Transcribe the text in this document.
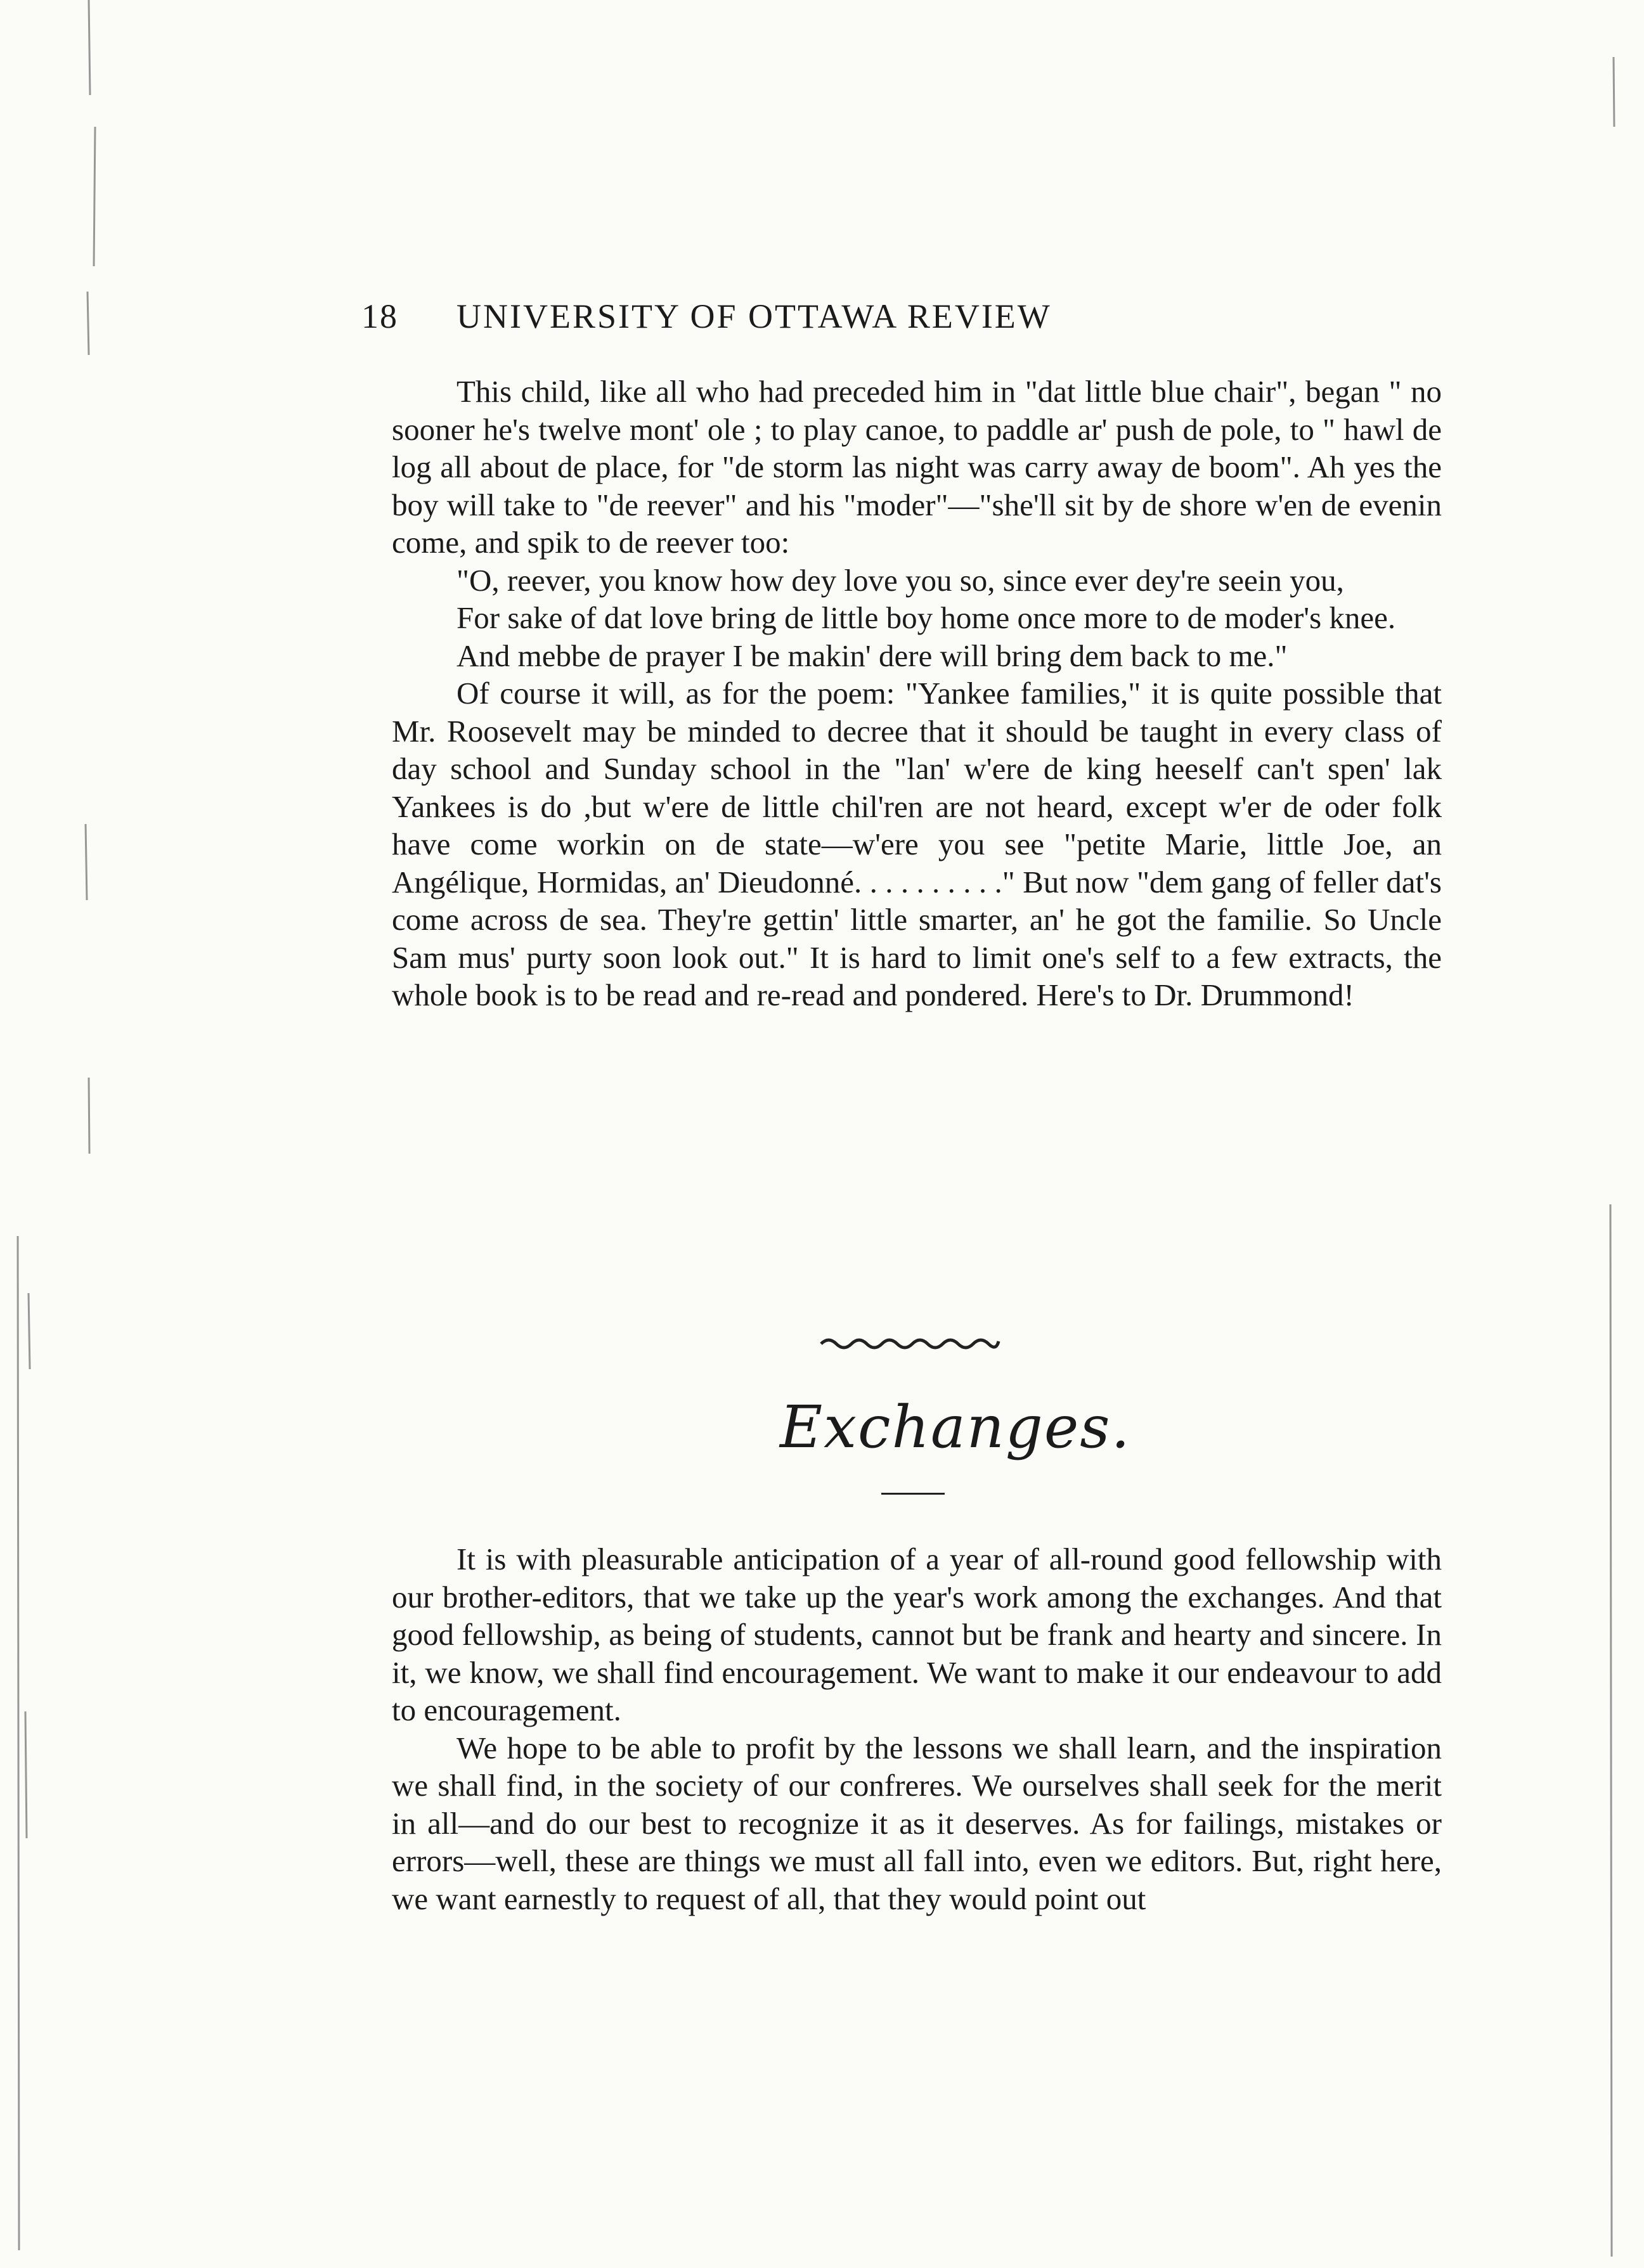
18 UNIVERSITY OF OTTAWA REVIEW

This child, like all who had preceded him in "dat little blue chair", began " no sooner he's twelve mont' ole ; to play canoe, to paddle ar' push de pole, to " hawl de log all about de place, for "de storm las night was carry away de boom". Ah yes the boy will take to "de reever" and his "moder"—"she'll sit by de shore w'en de evenin come, and spik to de reever too:

"O, reever, you know how dey love you so, since ever dey're seein you,

For sake of dat love bring de little boy home once more to de moder's knee.

And mebbe de prayer I be makin' dere will bring dem back to me."

Of course it will, as for the poem: "Yankee families," it is quite possible that Mr. Roosevelt may be minded to decree that it should be taught in every class of day school and Sunday school in the "lan' w'ere de king heeself can't spen' lak Yankees is do ,but w'ere de little chil'ren are not heard, except w'er de oder folk have come workin on de state—w'ere you see "petite Marie, little Joe, an Angélique, Hormidas, an' Dieudonné. . . . . . . . . ." But now "dem gang of feller dat's come across de sea. They're gettin' little smarter, an' he got the familie. So Uncle Sam mus' purty soon look out." It is hard to limit one's self to a few extracts, the whole book is to be read and re-read and pondered. Here's to Dr. Drummond!

Exchanges.

It is with pleasurable anticipation of a year of all-round good fellowship with our brother-editors, that we take up the year's work among the exchanges. And that good fellowship, as being of students, cannot but be frank and hearty and sincere. In it, we know, we shall find encouragement. We want to make it our endeavour to add to encouragement.

We hope to be able to profit by the lessons we shall learn, and the inspiration we shall find, in the society of our confreres. We ourselves shall seek for the merit in all—and do our best to recognize it as it deserves. As for failings, mistakes or errors—well, these are things we must all fall into, even we editors. But, right here, we want earnestly to request of all, that they would point out
